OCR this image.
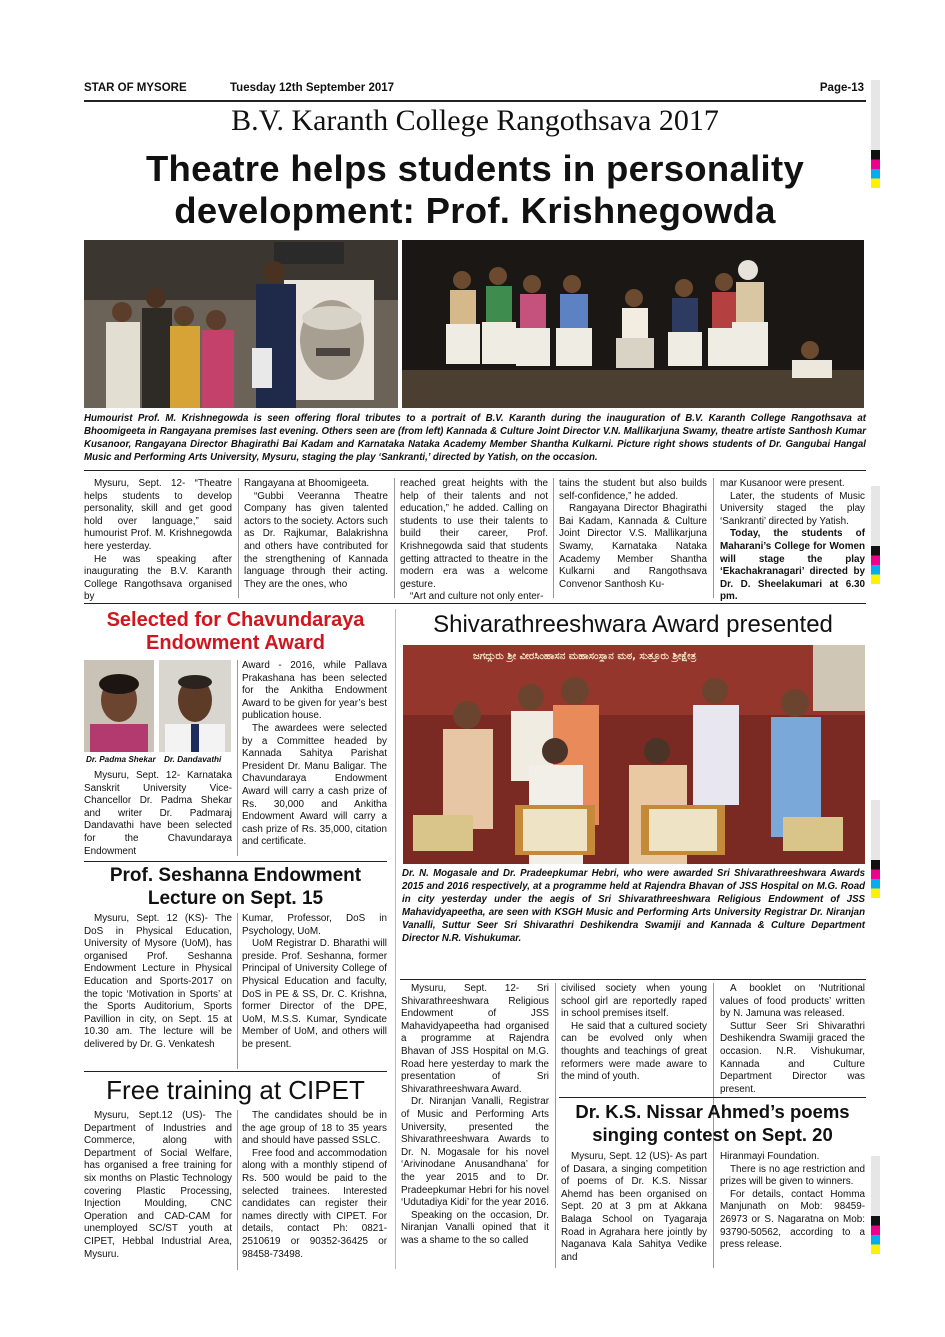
STAR OF MYSORE	Tuesday 12th September 2017	Page-13
B.V. Karanth College Rangothsava 2017
Theatre helps students in personality
development: Prof. Krishnegowda
Humourist Prof. M. Krishnegowda is seen offering floral tributes to a portrait of B.V. Karanth during the inauguration of B.V. Karanth College Rangothsava at Bhoomigeeta in Rangayana premises last evening. Others seen are (from left) Kannada & Culture Joint Director V.N. Mallikarjuna Swamy, theatre artiste Santhosh Kumar Kusanoor, Rangayana Director Bhagirathi Bai Kadam and Karnataka Nataka Academy Member Shantha Kulkarni. Picture right shows students of Dr. Gangubai Hangal Music and Performing Arts University, Mysuru, staging the play ‘Sankranti,’ directed by Yatish, on the occasion.

Mysuru, Sept. 12- “Theatre helps students to develop personality, skill and get good hold over language,” said humourist Prof. M. Krishnegowda here yesterday.

He was speaking after inaugurating the B.V. Karanth College Rangothsava organised by

Rangayana at Bhoomigeeta.

“Gubbi Veeranna Theatre Company has given talented actors to the society. Actors such as Dr. Rajkumar, Balakrishna and others have contributed for the strengthening of Kannada language through their acting. They are the ones, who

reached great heights with the help of their talents and not education,” he added. Calling on students to use their talents to build their career, Prof. Krishnegowda said that students getting attracted to theatre in the modern era was a welcome gesture.

“Art and culture not only enter-

tains the student but also builds self-confidence,” he added.

Rangayana Director Bhagirathi Bai Kadam, Kannada & Culture Joint Director V.S. Mallikarjuna Swamy, Karnataka Nataka Academy Member Shantha Kulkarni and Rangothsava Convenor Santhosh Ku-

mar Kusanoor were present.

Later, the students of Music University staged the play ‘Sankranti’ directed by Yatish.

Today, the students of Maharani’s College for Women will stage the play ‘Ekachakranagari’ directed by Dr. D. Sheelakumari at 6.30 pm.

Selected for Chavundaraya
Endowment Award
Dr. Padma Shekar Dr. Dandavathi

Mysuru, Sept. 12- Karnataka Sanskrit University Vice-Chancellor Dr. Padma Shekar and writer Dr. Padmaraj Dandavathi have been selected for the Chavundaraya Endowment

Award - 2016, while Pallava Prakashana has been selected for the Ankitha Endowment Award to be given for year’s best publication house.

The awardees were selected by a Committee headed by Kannada Sahitya Parishat President Dr. Manu Baligar. The Chavundaraya Endowment Award will carry a cash prize of Rs. 30,000 and Ankitha Endowment Award will carry a cash prize of Rs. 35,000, citation and certificate.

Prof. Seshanna Endowment
Lecture on Sept. 15

Mysuru, Sept. 12 (KS)- The DoS in Physical Education, University of Mysore (UoM), has organised Prof. Seshanna Endowment Lecture in Physical Education and Sports-2017 on the topic ‘Motivation in Sports’ at the Sports Auditorium, Sports Pavillion in city, on Sept. 15 at 10.30 am. The lecture will be delivered by Dr. G. Venkatesh

Kumar, Professor, DoS in Psychology, UoM.

UoM Registrar D. Bharathi will preside. Prof. Seshanna, former Principal of University College of Physical Education and faculty, DoS in PE & SS, Dr. C. Krishna, former Director of the DPE, UoM, M.S.S. Kumar, Syndicate Member of UoM, and others will be present.

Free training at CIPET

Mysuru, Sept.12 (US)- The Department of Industries and Commerce, along with Department of Social Welfare, has organised a free training for six months on Plastic Technology covering Plastic Processing, Injection Moulding, CNC Operation and CAD-CAM for unemployed SC/ST youth at CIPET, Hebbal Industrial Area, Mysuru.

The candidates should be in the age group of 18 to 35 years and should have passed SSLC.

Free food and accommodation along with a monthly stipend of Rs. 500 would be paid to the selected trainees. Interested candidates can register their names directly with CIPET. For details, contact Ph: 0821-2510619 or 90352-36425 or 98458-73498.

Shivarathreeshwara Award presented
ಜಗದ್ಗುರು ಶ್ರೀ ವೀರಸಿಂಹಾಸನ ಮಹಾಸಂಸ್ಥಾನ ಮಠ, ಸುತ್ತೂರು ಶ್ರೀಕ್ಷೇತ್ರ
Dr. N. Mogasale and Dr. Pradeepkumar Hebri, who were awarded Sri Shivarathreeshwara Awards 2015 and 2016 respectively, at a programme held at Rajendra Bhavan of JSS Hospital on M.G. Road in city yesterday under the aegis of Sri Shivarathreeshwara Religious Endowment of JSS Mahavidyapeetha, are seen with KSGH Music and Performing Arts University Registrar Dr. Niranjan Vanalli, Suttur Seer Sri Shivarathri Deshikendra Swamiji and Kannada & Culture Department Director N.R. Vishukumar.

Mysuru, Sept. 12- Sri Shivarathreeshwara Religious Endowment of JSS Mahavidyapeetha had organised a programme at Rajendra Bhavan of JSS Hospital on M.G. Road here yesterday to mark the presentation of Sri Shivarathreeshwara Award.

Dr. Niranjan Vanalli, Registrar of Music and Performing Arts University, presented the Shivarathreeshwara Awards to Dr. N. Mogasale for his novel ‘Arivinodane Anusandhana’ for the year 2015 and to Dr. Pradeepkumar Hebri for his novel ‘Udutadiya Kidi’ for the year 2016.

Speaking on the occasion, Dr. Niranjan Vanalli opined that it was a shame to the so called

civilised society when young school girl are reportedly raped in school premises itself.

He said that a cultured society can be evolved only when thoughts and teachings of great reformers were made aware to the mind of youth.

A booklet on ‘Nutritional values of food products’ written by N. Jamuna was released.

Suttur Seer Sri Shivarathri Deshikendra Swamiji graced the occasion. N.R. Vishukumar, Kannada and Culture Department Director was present.

Dr. K.S. Nissar Ahmed’s poems
singing contest on Sept. 20

Mysuru, Sept. 12 (US)- As part of Dasara, a singing competition of poems of Dr. K.S. Nissar Ahemd has been organised on Sept. 20 at 3 pm at Akkana Balaga School on Tyagaraja Road in Agrahara here jointly by Naganava Kala Sahitya Vedike and

Hiranmayi Foundation.

There is no age restriction and prizes will be given to winners.

For details, contact Homma Manjunath on Mob: 98459-26973 or S. Nagaratna on Mob: 93790-50562, according to a press release.
